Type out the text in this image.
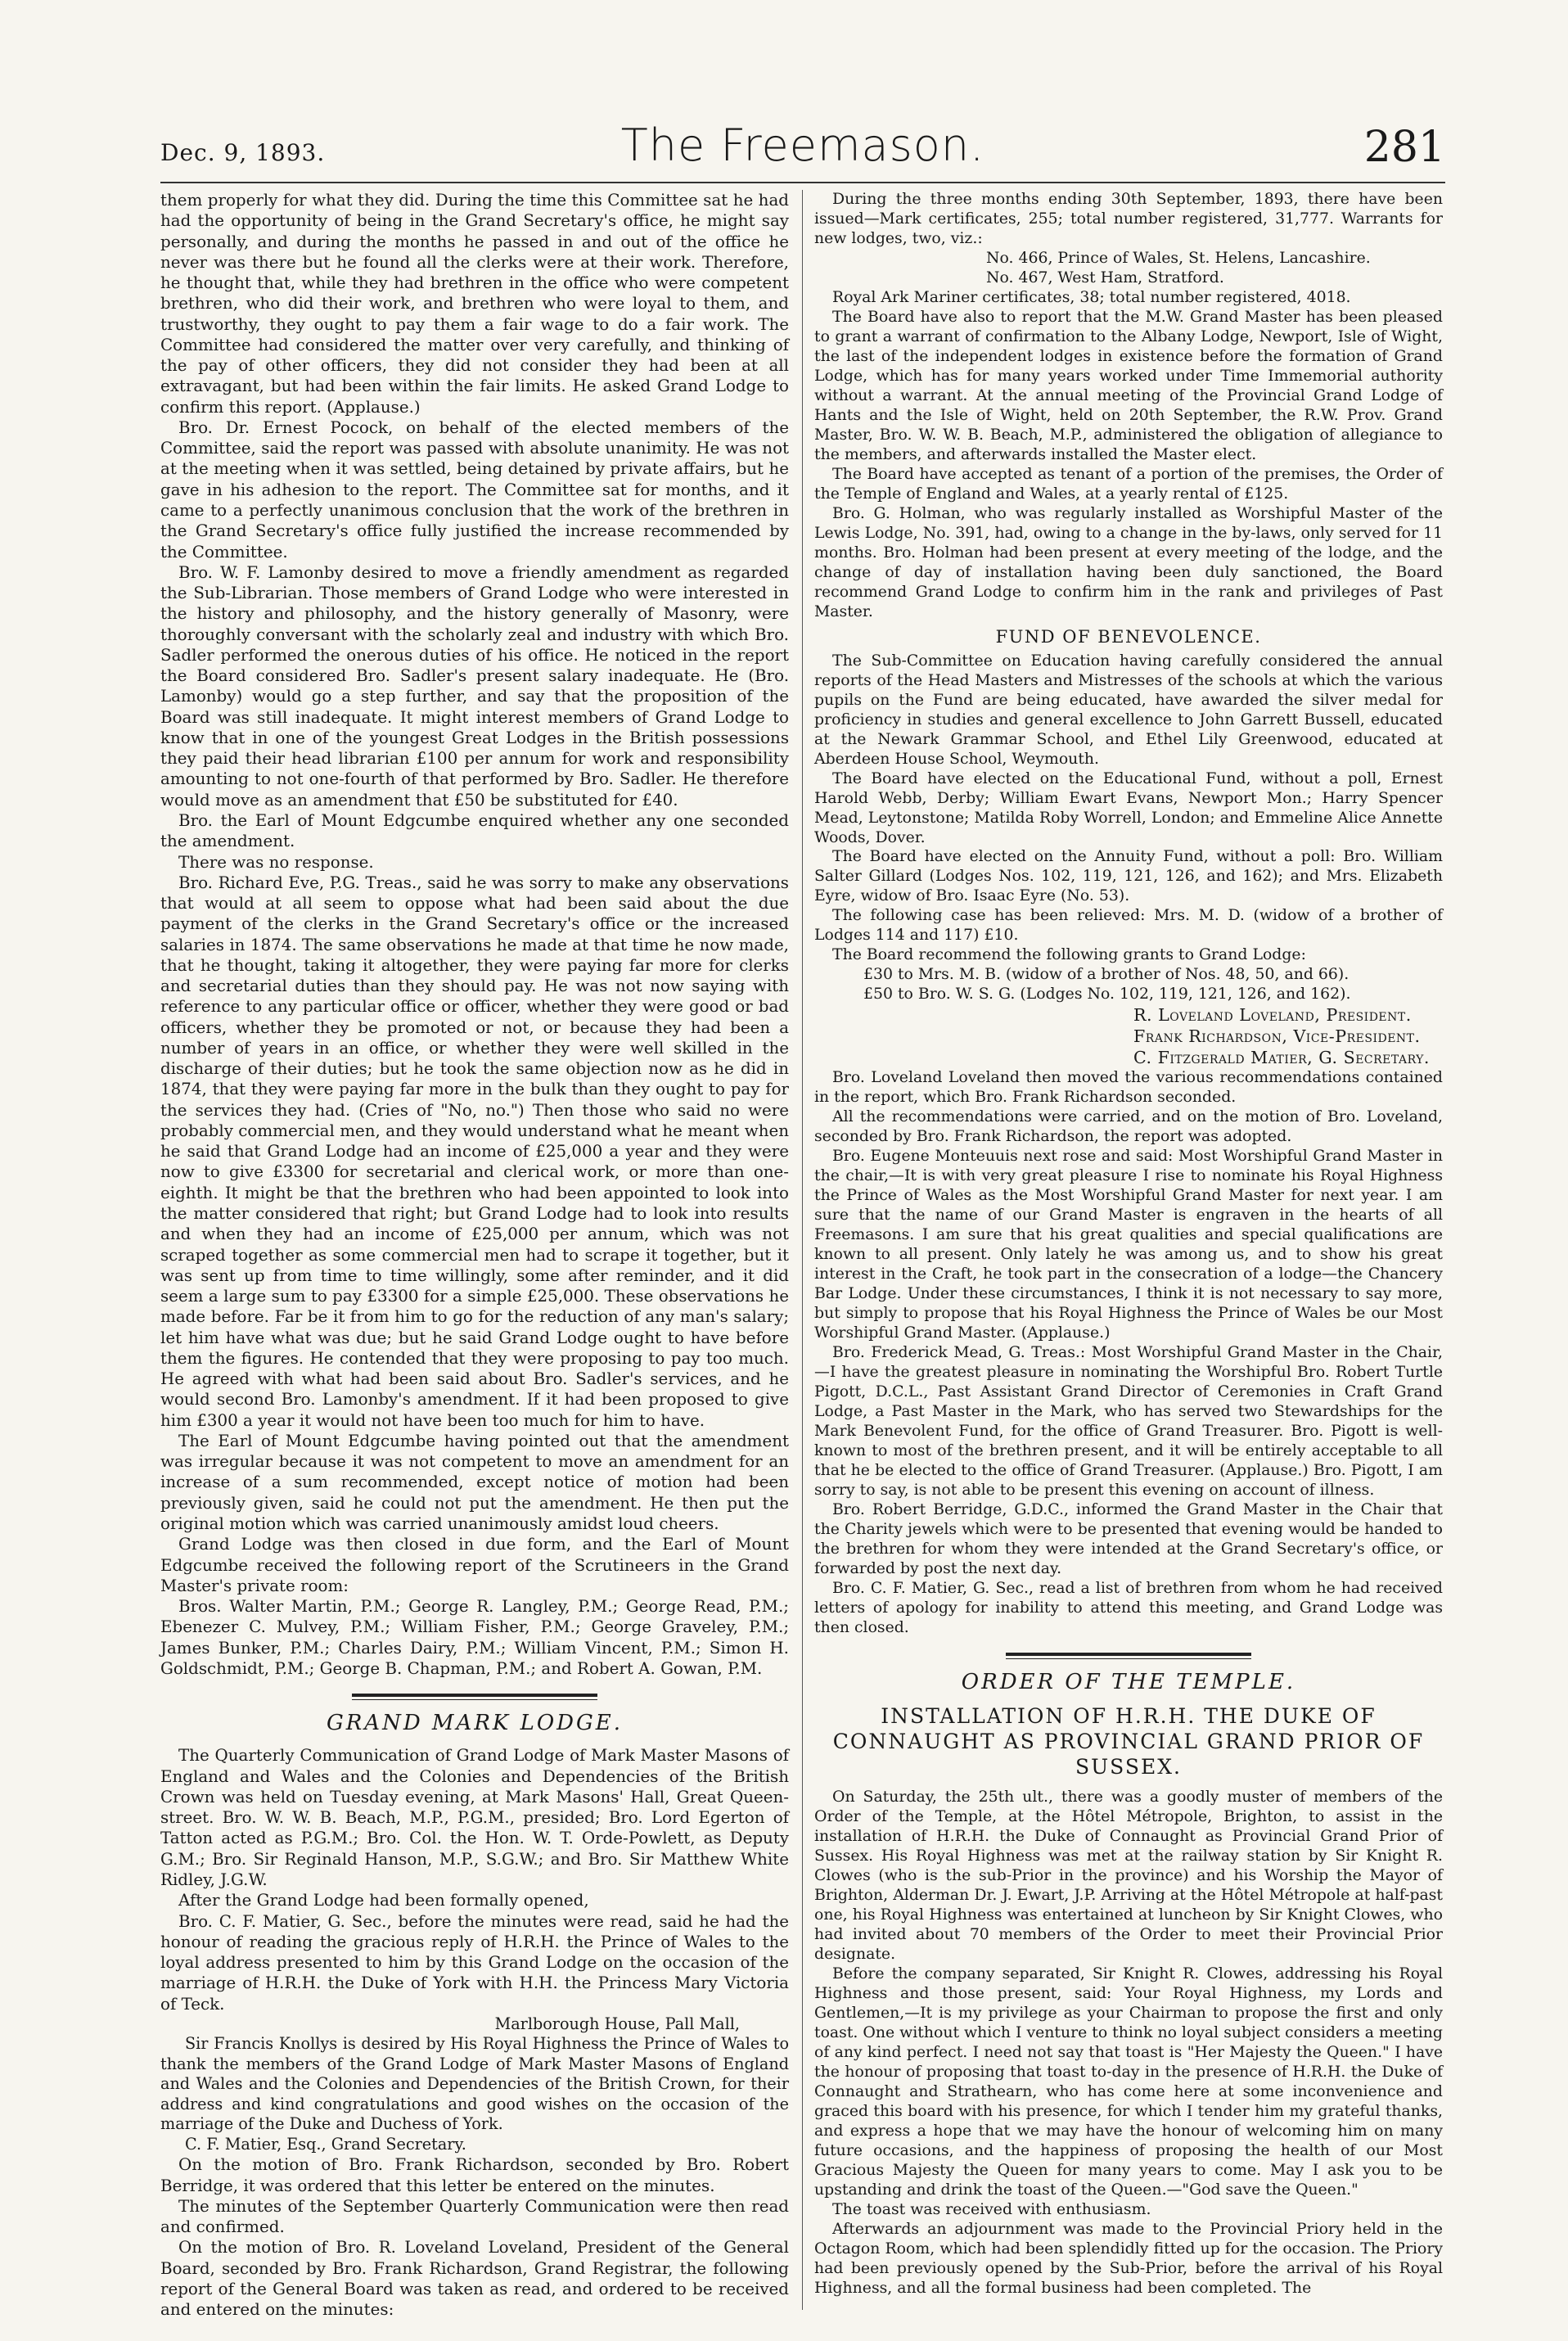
Dec. 9, 1893.	The Freemason.	281

them properly for what they did. During the time this Committee sat he had had the opportunity of being in the Grand Secretary's office, he might say personally, and during the months he passed in and out of the office he never was there but he found all the clerks were at their work. Therefore, he thought that, while they had brethren in the office who were competent brethren, who did their work, and brethren who were loyal to them, and trustworthy, they ought to pay them a fair wage to do a fair work. The Committee had considered the matter over very carefully, and thinking of the pay of other officers, they did not consider they had been at all extravagant, but had been within the fair limits. He asked Grand Lodge to confirm this report. (Applause.)

Bro. Dr. Ernest Pocock, on behalf of the elected members of the Committee, said the report was passed with absolute unanimity. He was not at the meeting when it was settled, being detained by private affairs, but he gave in his adhesion to the report. The Committee sat for months, and it came to a perfectly unanimous conclusion that the work of the brethren in the Grand Secretary's office fully justified the increase recommended by the Committee.

Bro. W. F. Lamonby desired to move a friendly amendment as regarded the Sub-Librarian. Those members of Grand Lodge who were interested in the history and philosophy, and the history generally of Masonry, were thoroughly conversant with the scholarly zeal and industry with which Bro. Sadler performed the onerous duties of his office. He noticed in the report the Board considered Bro. Sadler's present salary inadequate. He (Bro. Lamonby) would go a step further, and say that the proposition of the Board was still inadequate. It might interest members of Grand Lodge to know that in one of the youngest Great Lodges in the British possessions they paid their head librarian £100 per annum for work and responsibility amounting to not one-fourth of that performed by Bro. Sadler. He therefore would move as an amendment that £50 be substituted for £40.

Bro. the Earl of Mount Edgcumbe enquired whether any one seconded the amendment.

There was no response.

Bro. Richard Eve, P.G. Treas., said he was sorry to make any observations that would at all seem to oppose what had been said about the due payment of the clerks in the Grand Secretary's office or the increased salaries in 1874. The same observations he made at that time he now made, that he thought, taking it altogether, they were paying far more for clerks and secretarial duties than they should pay. He was not now saying with reference to any particular office or officer, whether they were good or bad officers, whether they be promoted or not, or because they had been a number of years in an office, or whether they were well skilled in the discharge of their duties; but he took the same objection now as he did in 1874, that they were paying far more in the bulk than they ought to pay for the services they had. (Cries of "No, no.") Then those who said no were probably commercial men, and they would understand what he meant when he said that Grand Lodge had an income of £25,000 a year and they were now to give £3300 for secretarial and clerical work, or more than one-eighth. It might be that the brethren who had been appointed to look into the matter considered that right; but Grand Lodge had to look into results and when they had an income of £25,000 per annum, which was not scraped together as some commercial men had to scrape it together, but it was sent up from time to time willingly, some after reminder, and it did seem a large sum to pay £3300 for a simple £25,000. These observations he made before. Far be it from him to go for the reduction of any man's salary; let him have what was due; but he said Grand Lodge ought to have before them the figures. He contended that they were proposing to pay too much. He agreed with what had been said about Bro. Sadler's services, and he would second Bro. Lamonby's amendment. If it had been proposed to give him £300 a year it would not have been too much for him to have.

The Earl of Mount Edgcumbe having pointed out that the amendment was irregular because it was not competent to move an amendment for an increase of a sum recommended, except notice of motion had been previously given, said he could not put the amendment. He then put the original motion which was carried unanimously amidst loud cheers.

Grand Lodge was then closed in due form, and the Earl of Mount Edgcumbe received the following report of the Scrutineers in the Grand Master's private room:

Bros. Walter Martin, P.M.; George R. Langley, P.M.; George Read, P.M.; Ebenezer C. Mulvey, P.M.; William Fisher, P.M.; George Graveley, P.M.; James Bunker, P.M.; Charles Dairy, P.M.; William Vincent, P.M.; Simon H. Goldschmidt, P.M.; George B. Chapman, P.M.; and Robert A. Gowan, P.M.

GRAND MARK LODGE.

The Quarterly Communication of Grand Lodge of Mark Master Masons of England and Wales and the Colonies and Dependencies of the British Crown was held on Tuesday evening, at Mark Masons' Hall, Great Queen-street. Bro. W. W. B. Beach, M.P., P.G.M., presided; Bro. Lord Egerton of Tatton acted as P.G.M.; Bro. Col. the Hon. W. T. Orde-Powlett, as Deputy G.M.; Bro. Sir Reginald Hanson, M.P., S.G.W.; and Bro. Sir Matthew White Ridley, J.G.W.

After the Grand Lodge had been formally opened,

Bro. C. F. Matier, G. Sec., before the minutes were read, said he had the honour of reading the gracious reply of H.R.H. the Prince of Wales to the loyal address presented to him by this Grand Lodge on the occasion of the marriage of H.R.H. the Duke of York with H.H. the Princess Mary Victoria of Teck.

Marlborough House, Pall Mall,

Sir Francis Knollys is desired by His Royal Highness the Prince of Wales to thank the members of the Grand Lodge of Mark Master Masons of England and Wales and the Colonies and Dependencies of the British Crown, for their address and kind congratulations and good wishes on the occasion of the marriage of the Duke and Duchess of York.

C. F. Matier, Esq., Grand Secretary.

On the motion of Bro. Frank Richardson, seconded by Bro. Robert Berridge, it was ordered that this letter be entered on the minutes.

The minutes of the September Quarterly Communication were then read and confirmed.

On the motion of Bro. R. Loveland Loveland, President of the General Board, seconded by Bro. Frank Richardson, Grand Registrar, the following report of the General Board was taken as read, and ordered to be received and entered on the minutes:

During the three months ending 30th September, 1893, there have been issued—Mark certificates, 255; total number registered, 31,777. Warrants for new lodges, two, viz.:

No. 466, Prince of Wales, St. Helens, Lancashire.

No. 467, West Ham, Stratford.

Royal Ark Mariner certificates, 38; total number registered, 4018.

The Board have also to report that the M.W. Grand Master has been pleased to grant a warrant of confirmation to the Albany Lodge, Newport, Isle of Wight, the last of the independent lodges in existence before the formation of Grand Lodge, which has for many years worked under Time Immemorial authority without a warrant. At the annual meeting of the Provincial Grand Lodge of Hants and the Isle of Wight, held on 20th September, the R.W. Prov. Grand Master, Bro. W. W. B. Beach, M.P., administered the obligation of allegiance to the members, and afterwards installed the Master elect.

The Board have accepted as tenant of a portion of the premises, the Order of the Temple of England and Wales, at a yearly rental of £125.

Bro. G. Holman, who was regularly installed as Worshipful Master of the Lewis Lodge, No. 391, had, owing to a change in the by-laws, only served for 11 months. Bro. Holman had been present at every meeting of the lodge, and the change of day of installation having been duly sanctioned, the Board recommend Grand Lodge to confirm him in the rank and privileges of Past Master.

FUND OF BENEVOLENCE.

The Sub-Committee on Education having carefully considered the annual reports of the Head Masters and Mistresses of the schools at which the various pupils on the Fund are being educated, have awarded the silver medal for proficiency in studies and general excellence to John Garrett Bussell, educated at the Newark Grammar School, and Ethel Lily Greenwood, educated at Aberdeen House School, Weymouth.

The Board have elected on the Educational Fund, without a poll, Ernest Harold Webb, Derby; William Ewart Evans, Newport Mon.; Harry Spencer Mead, Leytonstone; Matilda Roby Worrell, London; and Emmeline Alice Annette Woods, Dover.

The Board have elected on the Annuity Fund, without a poll: Bro. William Salter Gillard (Lodges Nos. 102, 119, 121, 126, and 162); and Mrs. Elizabeth Eyre, widow of Bro. Isaac Eyre (No. 53).

The following case has been relieved: Mrs. M. D. (widow of a brother of Lodges 114 and 117) £10.

The Board recommend the following grants to Grand Lodge:

£30 to Mrs. M. B. (widow of a brother of Nos. 48, 50, and 66).

£50 to Bro. W. S. G. (Lodges No. 102, 119, 121, 126, and 162).

R. Loveland Loveland, President.
Frank Richardson, Vice-President.
C. Fitzgerald Matier, G. Secretary.

Bro. Loveland Loveland then moved the various recommendations contained in the report, which Bro. Frank Richardson seconded.

All the recommendations were carried, and on the motion of Bro. Loveland, seconded by Bro. Frank Richardson, the report was adopted.

Bro. Eugene Monteuuis next rose and said: Most Worshipful Grand Master in the chair,—It is with very great pleasure I rise to nominate his Royal Highness the Prince of Wales as the Most Worshipful Grand Master for next year. I am sure that the name of our Grand Master is engraven in the hearts of all Freemasons. I am sure that his great qualities and special qualifications are known to all present. Only lately he was among us, and to show his great interest in the Craft, he took part in the consecration of a lodge—the Chancery Bar Lodge. Under these circumstances, I think it is not necessary to say more, but simply to propose that his Royal Highness the Prince of Wales be our Most Worshipful Grand Master. (Applause.)

Bro. Frederick Mead, G. Treas.: Most Worshipful Grand Master in the Chair,—I have the greatest pleasure in nominating the Worshipful Bro. Robert Turtle Pigott, D.C.L., Past Assistant Grand Director of Ceremonies in Craft Grand Lodge, a Past Master in the Mark, who has served two Stewardships for the Mark Benevolent Fund, for the office of Grand Treasurer. Bro. Pigott is well-known to most of the brethren present, and it will be entirely acceptable to all that he be elected to the office of Grand Treasurer. (Applause.) Bro. Pigott, I am sorry to say, is not able to be present this evening on account of illness.

Bro. Robert Berridge, G.D.C., informed the Grand Master in the Chair that the Charity jewels which were to be presented that evening would be handed to the brethren for whom they were intended at the Grand Secretary's office, or forwarded by post the next day.

Bro. C. F. Matier, G. Sec., read a list of brethren from whom he had received letters of apology for inability to attend this meeting, and Grand Lodge was then closed.

ORDER OF THE TEMPLE.
INSTALLATION OF H.R.H. THE DUKE OF CONNAUGHT AS PROVINCIAL GRAND PRIOR OF SUSSEX.

On Saturday, the 25th ult., there was a goodly muster of members of the Order of the Temple, at the Hôtel Métropole, Brighton, to assist in the installation of H.R.H. the Duke of Connaught as Provincial Grand Prior of Sussex. His Royal Highness was met at the railway station by Sir Knight R. Clowes (who is the sub-Prior in the province) and his Worship the Mayor of Brighton, Alderman Dr. J. Ewart, J.P. Arriving at the Hôtel Métropole at half-past one, his Royal Highness was entertained at luncheon by Sir Knight Clowes, who had invited about 70 members of the Order to meet their Provincial Prior designate.

Before the company separated, Sir Knight R. Clowes, addressing his Royal Highness and those present, said: Your Royal Highness, my Lords and Gentlemen,—It is my privilege as your Chairman to propose the first and only toast. One without which I venture to think no loyal subject considers a meeting of any kind perfect. I need not say that toast is "Her Majesty the Queen." I have the honour of proposing that toast to-day in the presence of H.R.H. the Duke of Connaught and Strathearn, who has come here at some inconvenience and graced this board with his presence, for which I tender him my grateful thanks, and express a hope that we may have the honour of welcoming him on many future occasions, and the happiness of proposing the health of our Most Gracious Majesty the Queen for many years to come. May I ask you to be upstanding and drink the toast of the Queen.—"God save the Queen."

The toast was received with enthusiasm.

Afterwards an adjournment was made to the Provincial Priory held in the Octagon Room, which had been splendidly fitted up for the occasion. The Priory had been previously opened by the Sub-Prior, before the arrival of his Royal Highness, and all the formal business had been completed. The
